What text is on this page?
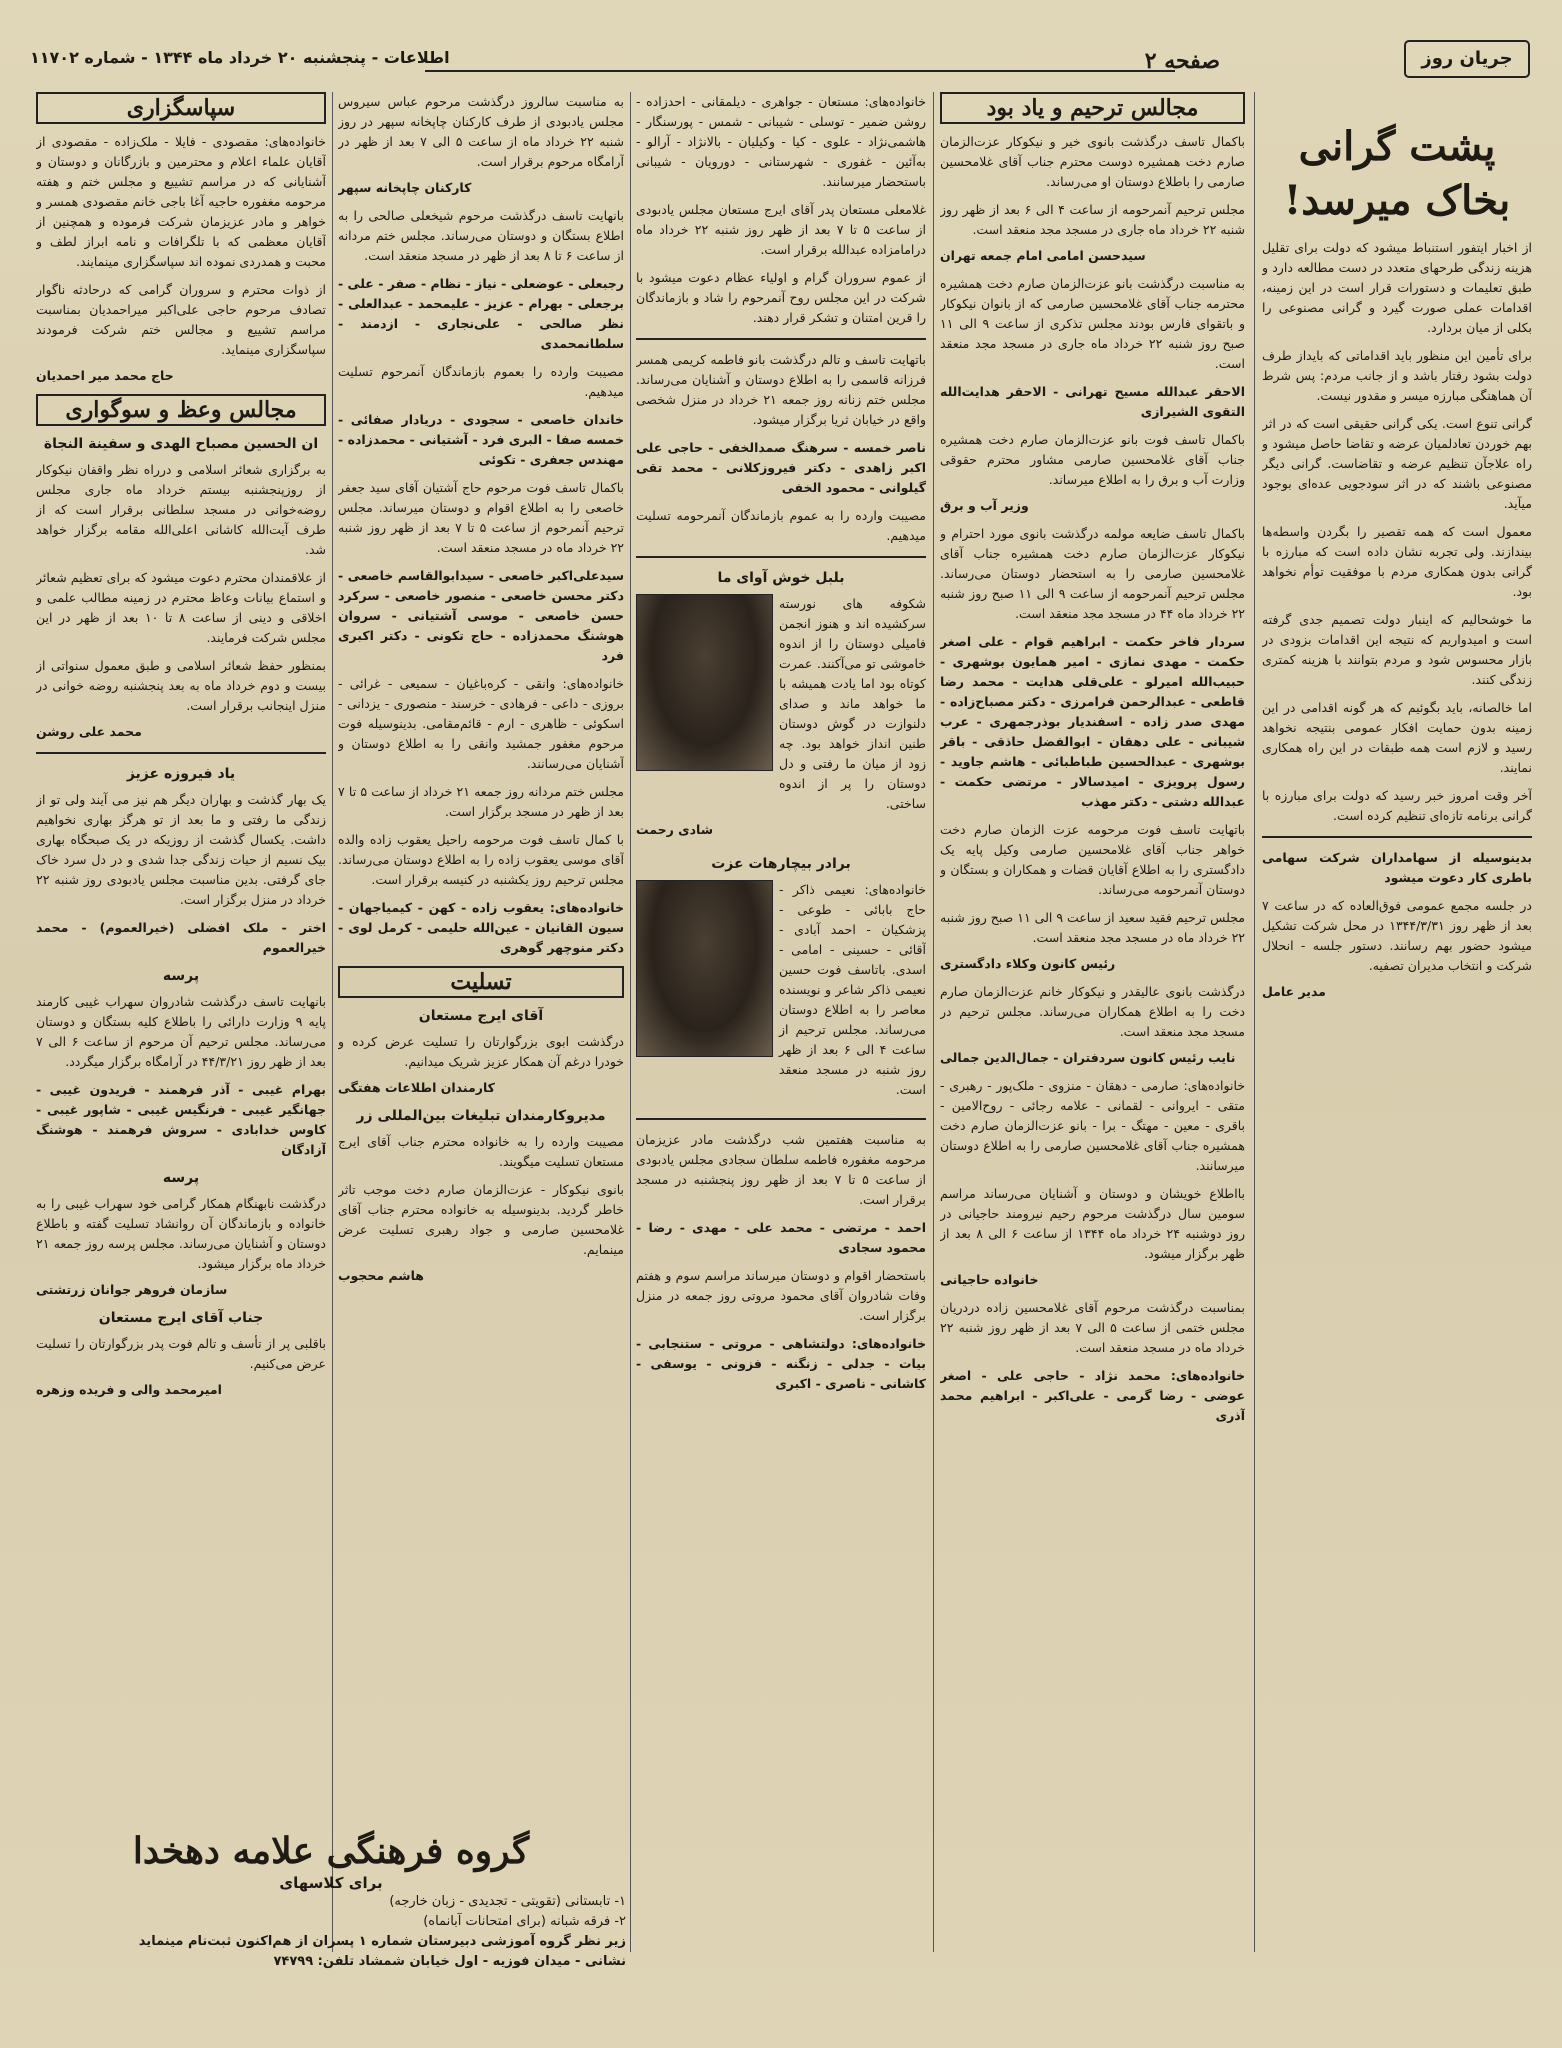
جریان روز
صفحه ۲
اطلاعات - پنجشنبه ۲۰ خرداد ماه ۱۳۴۴ - شماره ۱۱۷۰۲
پشت گرانی بخاک میرسد!

از اخبار ایتفور استنباط میشود که دولت برای تقلیل هزینه زندگی طرحهای متعدد در دست مطالعه دارد و طبق تعلیمات و دستورات قرار است در این زمینه، اقدامات عملی صورت گیرد و گرانی مصنوعی را بکلی از میان بردارد.

برای تأمین این منظور باید اقداماتی که بایداز طرف دولت بشود رفتار باشد و از جانب مردم: پس شرط آن هماهنگی مبارزه میسر و مقدور نیست.

گرانی تنوع است. یکی گرانی حقیقی است که در اثر بهم خوردن تعادلمیان عرضه و تقاضا حاصل میشود و راه علاجآن تنظیم عرضه و تقاضاست. گرانی دیگر مصنوعی باشند که در اثر سودجویی عده‌ای بوجود میآید.

معمول است که همه تقصیر را بگردن واسطه‌ها بیندازند. ولی تجربه نشان داده است که مبارزه با گرانی بدون همکاری مردم با موفقیت توأم نخواهد بود.

ما خوشحالیم که اینبار دولت تصمیم جدی گرفته است و امیدواریم که نتیجه این اقدامات بزودی در بازار محسوس شود و مردم بتوانند با هزینه کمتری زندگی کنند.

اما خالصانه، باید بگوئیم که هر گونه اقدامی در این زمینه بدون حمایت افکار عمومی بنتیجه نخواهد رسید و لازم است همه طبقات در این راه همکاری نمایند.

آخر وقت امروز خبر رسید که دولت برای مبارزه با گرانی برنامه تازه‌ای تنظیم کرده است.

بدینوسیله از سهامداران شرکت سهامی باطری کار دعوت میشود

در جلسه مجمع عمومی فوق‌العاده که در ساعت ۷ بعد از ظهر روز ۱۳۴۴/۳/۳۱ در محل شرکت تشکیل میشود حضور بهم رسانند. دستور جلسه - انحلال شرکت و انتخاب مدیران تصفیه.

مدیر عامل

مجالس ترحیم و یاد بود

باکمال تاسف درگذشت بانوی خیر و نیکوکار عزت‌الزمان صارم دخت همشیره دوست محترم جناب آقای غلامحسین صارمی را باطلاع دوستان او می‌رساند.

مجلس ترحیم آنمرحومه از ساعت ۴ الی ۶ بعد از ظهر روز شنبه ۲۲ خرداد ماه جاری در مسجد مجد منعقد است.

سیدحسن امامی امام جمعه تهران

به مناسبت درگذشت بانو عزت‌الزمان صارم دخت همشیره محترمه جناب آقای غلامحسین صارمی که از بانوان نیکوکار و باتقوای فارس بودند مجلس تذکری از ساعت ۹ الی ۱۱ صبح روز شنبه ۲۲ خرداد ماه جاری در مسجد مجد منعقد است.

الاحقر عبدالله مسیح تهرانی - الاحقر هدایت‌الله التقوی الشیرازی

باکمال تاسف فوت بانو عزت‌الزمان صارم دخت همشیره جناب آقای غلامحسین صارمی مشاور محترم حقوقی وزارت آب و برق را به اطلاع میرساند.

وزیر آب و برق

باکمال تاسف ضایعه مولمه درگذشت بانوی مورد احترام و نیکوکار عزت‌الزمان صارم دخت همشیره جناب آقای غلامحسین صارمی را به استحضار دوستان می‌رساند. مجلس ترحیم آنمرحومه از ساعت ۹ الی ۱۱ صبح روز شنبه ۲۲ خرداد ماه ۴۴ در مسجد مجد منعقد است.

سردار فاخر حکمت - ابراهیم قوام - علی اصغر حکمت - مهدی نمازی - امیر همایون بوشهری - حبیب‌الله امیرلو - علی‌قلی هدایت - محمد رضا قاطعی - عبدالرحمن فرامرزی - دکتر مصباح‌زاده - مهدی صدر زاده - اسفندیار بوذرجمهری - عرب شیبانی - علی دهقان - ابوالفضل حاذقی - باقر بوشهری - عبدالحسین طباطبائی - هاشم جاوید - رسول پرویزی - امیدسالار - مرتضی حکمت - عبدالله دشتی - دکتر مهذب

باتهایت تاسف فوت مرحومه عزت الزمان صارم دخت خواهر جناب آقای غلامحسین صارمی وکیل پایه یک دادگستری را به اطلاع آقایان قضات و همکاران و بستگان و دوستان آنمرحومه می‌رساند.

مجلس ترحیم فقید سعید از ساعت ۹ الی ۱۱ صبح روز شنبه ۲۲ خرداد ماه در مسجد مجد منعقد است.

رئیس کانون وکلاء دادگستری

درگذشت بانوی عالیقدر و نیکوکار خانم عزت‌الزمان صارم دخت را به اطلاع همکاران می‌رساند. مجلس ترحیم در مسجد مجد منعقد است.

نایب رئیس کانون سردفتران - جمال‌الدین جمالی

خانواده‌های: صارمی - دهقان - منزوی - ملک‌پور - رهبری - متقی - ایروانی - لقمانی - علامه رجائی - روح‌الامین - باقری - معین - مهتگ - برا - بانو عزت‌الزمان صارم دخت همشیره جناب آقای غلامحسین صارمی را به اطلاع دوستان میرسانند.

بااطلاع خویشان و دوستان و آشنایان می‌رساند مراسم سومین سال درگذشت مرحوم رحیم نیرومند حاجیانی در روز دوشنبه ۲۴ خرداد ماه ۱۳۴۴ از ساعت ۶ الی ۸ بعد از ظهر برگزار میشود.

خانواده حاجیانی

بمناسبت درگذشت مرحوم آقای غلامحسین زاده دردریان مجلس ختمی از ساعت ۵ الی ۷ بعد از ظهر روز شنبه ۲۲ خرداد ماه در مسجد منعقد است.

خانواده‌های: محمد نژاد - حاجی علی - اصغر عوضی - رضا گرمی - علی‌اکبر - ابراهیم محمد آذری

خانواده‌های: مستعان - جواهری - دیلمقانی - احدزاده - روشن ضمیر - توسلی - شیبانی - شمس - پورسنگار - هاشمی‌نژاد - علوی - کیا - وکیلیان - بالانژاد - آرالو - به‌آئین - غفوری - شهرستانی - دورویان - شیبانی باستحضار میرسانند.

غلامعلی مستعان پدر آقای ایرج مستعان مجلس یادبودی از ساعت ۵ تا ۷ بعد از ظهر روز شنبه ۲۲ خرداد ماه درامامزاده عبدالله برقرار است.

از عموم سروران گرام و اولیاء عظام دعوت میشود با شرکت در این مجلس روح آنمرحوم را شاد و بازماندگان را قرین امتنان و تشکر قرار دهند.

باتهایت تاسف و تالم درگذشت بانو فاطمه کریمی همسر فرزانه قاسمی را به اطلاع دوستان و آشنایان می‌رساند. مجلس ختم زنانه روز جمعه ۲۱ خرداد در منزل شخصی واقع در خیابان ثریا برگزار میشود.

ناصر خمسه - سرهنگ صمدالخفی - حاجی علی اکبر زاهدی - دکتر فیروزکلانی - محمد تقی گیلوانی - محمود الخفی

مصیبت وارده را به عموم بازماندگان آنمرحومه تسلیت میدهیم.

بلبل خوش آوای ما

شکوفه های نورسته سرکشیده اند و هنوز انجمن فامیلی دوستان را از اندوه خاموشی تو می‌آکنند. عمرت کوتاه بود اما یادت همیشه با ما خواهد ماند و صدای دلنوازت در گوش دوستان طنین انداز خواهد بود. چه زود از میان ما رفتی و دل دوستان را پر از اندوه ساختی.

شادی رحمت

برادر بیچارهات عزت

خانواده‌های: نعیمی ذاکر - حاج بابائی - طوعی - پزشکیان - احمد آبادی - آقائی - حسینی - امامی - اسدی. باتاسف فوت حسین نعیمی ذاکر شاعر و نویسنده معاصر را به اطلاع دوستان می‌رساند. مجلس ترحیم از ساعت ۴ الی ۶ بعد از ظهر روز شنبه در مسجد منعقد است.

به مناسبت هفتمین شب درگذشت مادر عزیزمان مرحومه مغفوره فاطمه سلطان سجادی مجلس یادبودی از ساعت ۵ تا ۷ بعد از ظهر روز پنجشنبه در مسجد برقرار است.

احمد - مرتضی - محمد علی - مهدی - رضا - محمود سجادی

باستحضار اقوام و دوستان میرساند مراسم سوم و هفتم وفات شادروان آقای محمود مروتی روز جمعه در منزل برگزار است.

خانواده‌های: دولتشاهی - مروتی - ستنجابی - بیات - جدلی - زنگنه - فزونی - یوسفی - کاشانی - ناصری - اکبری

به مناسبت سالروز درگذشت مرحوم عباس سیروس مجلس یادبودی از طرف کارکنان چاپخانه سپهر در روز شنبه ۲۲ خرداد ماه از ساعت ۵ الی ۷ بعد از ظهر در آرامگاه مرحوم برقرار است.

کارکنان چاپخانه سپهر

بانهایت تاسف درگذشت مرحوم شیخعلی صالحی را به اطلاع بستگان و دوستان می‌رساند. مجلس ختم مردانه از ساعت ۶ تا ۸ بعد از ظهر در مسجد منعقد است.

رجبعلی - عوضعلی - نیاز - نظام - صفر - علی - برجعلی - بهرام - عزیز - علیمحمد - عبدالعلی - نظر صالحی - علی‌نجاری - ازدمند - سلطانمحمدی

مصیبت وارده را بعموم بازماندگان آنمرحوم تسلیت میدهیم.

خاندان خاصعی - سجودی - دریادار صفائی - خمسه صفا - البری فرد - آشتیانی - محمدزاده - مهندس جعفری - تکوئی

باکمال تاسف فوت مرحوم حاج آشتیان آقای سید جعفر خاصعی را به اطلاع اقوام و دوستان میرساند. مجلس ترحیم آنمرحوم از ساعت ۵ تا ۷ بعد از ظهر روز شنبه ۲۲ خرداد ماه در مسجد منعقد است.

سیدعلی‌اکبر خاصعی - سیدابوالقاسم خاصعی - دکتر محسن خاصعی - منصور خاصعی - سرکرد حسن خاصعی - موسی آشتیانی - سروان هوشنگ محمدزاده - حاج تکونی - دکتر اکبری فرد

خانواده‌های: وانقی - کره‌باغیان - سمیعی - غرائی - بروزی - داعی - فرهادی - خرسند - منصوری - یزدانی - اسکوئی - ظاهری - ارم - قائم‌مقامی. بدینوسیله فوت مرحوم مغفور جمشید وانقی را به اطلاع دوستان و آشنایان می‌رسانند.

مجلس ختم مردانه روز جمعه ۲۱ خرداد از ساعت ۵ تا ۷ بعد از ظهر در مسجد برگزار است.

با کمال تاسف فوت مرحومه راحیل یعقوب زاده والده آقای موسی یعقوب زاده را به اطلاع دوستان می‌رساند. مجلس ترحیم روز یکشنبه در کنیسه برقرار است.

خانواده‌های: یعقوب زاده - کهن - کیمیاجهان - سیون القانیان - عین‌الله حلیمی - کرمل لوی - دکتر منوچهر گوهری

تسلیت
آقای ایرج مستعان

درگذشت ابوی بزرگوارتان را تسلیت عرض کرده و خودرا درغم آن همکار عزیز شریک میدانیم.

کارمندان اطلاعات هفتگی

مدیروکارمندان تبلیغات بین‌المللی زر

مصیبت وارده را به خانواده محترم جناب آقای ایرج مستعان تسلیت میگویند.

بانوی نیکوکار - عزت‌الزمان صارم دخت موجب تاثر خاطر گردید. بدینوسیله به خانواده محترم جناب آقای غلامحسین صارمی و جواد رهبری تسلیت عرض مینمایم.

هاشم محجوب

سپاسگزاری

خانواده‌های: مقصودی - فایلا - ملک‌زاده - مقصودی از آقایان علماء اعلام و محترمین و بازرگانان و دوستان و آشنایانی که در مراسم تشییع و مجلس ختم و هفته مرحومه مغفوره حاجیه آغا باجی خانم مقصودی همسر و خواهر و مادر عزیزمان شرکت فرموده و همچنین از آقایان معظمی که با تلگرافات و نامه ابراز لطف و محبت و همدردی نموده اند سپاسگزاری مینمایند.

از ذوات محترم و سروران گرامی که درحادثه ناگوار تصادف مرحوم حاجی علی‌اکبر میراحمدیان بمناسبت مراسم تشییع و مجالس ختم شرکت فرمودند سپاسگزاری مینماید.

حاج محمد میر احمدیان

مجالس وعظ و سوگواری

ان الحسین مصباح الهدی و سفینة النجاة

به برگزاری شعائر اسلامی و درراه نظر واقفان نیکوکار از روزپنجشنبه بیستم خرداد ماه جاری مجلس روضه‌خوانی در مسجد سلطانی برقرار است که از طرف آیت‌الله کاشانی اعلی‌الله مقامه برگزار خواهد شد.

از علاقمندان محترم دعوت میشود که برای تعظیم شعائر و استماع بیانات وعاظ محترم در زمینه مطالب علمی و اخلاقی و دینی از ساعت ۸ تا ۱۰ بعد از ظهر در این مجلس شرکت فرمایند.

بمنظور حفظ شعائر اسلامی و طبق معمول سنواتی از بیست و دوم خرداد ماه به بعد پنجشنبه روضه خوانی در منزل اینجانب برقرار است.

محمد علی روشن

یاد فیروزه عزیز

یک بهار گذشت و بهاران دیگر هم نیز می آیند ولی تو از زندگی ما رفتی و ما بعد از تو هرگز بهاری نخواهیم داشت. یکسال گذشت از روزیکه در یک صبحگاه بهاری بیک نسیم از حیات زندگی جدا شدی و در دل سرد خاک جای گرفتی. بدین مناسبت مجلس یادبودی روز شنبه ۲۲ خرداد در منزل برگزار است.

اختر - ملک افضلی (خیرالعموم) - محمد خیرالعموم

پرسه

بانهایت تاسف درگذشت شادروان سهراب غیبی کارمند پایه ۹ وزارت دارائی را باطلاع کلیه بستگان و دوستان می‌رساند. مجلس ترحیم آن مرحوم از ساعت ۶ الی ۷ بعد از ظهر روز ۴۴/۳/۲۱ در آرامگاه برگزار میگردد.

بهرام غیبی - آذر فرهمند - فریدون غیبی - جهانگیر غیبی - فرنگیس غیبی - شاپور غیبی - کاوس خدابادی - سروش فرهمند - هوشنگ آزادگان

پرسه

درگذشت نابهنگام همکار گرامی خود سهراب غیبی را به خانواده و بازماندگان آن روانشاد تسلیت گفته و باطلاع دوستان و آشنایان می‌رساند. مجلس پرسه روز جمعه ۲۱ خرداد ماه برگزار میشود.

سازمان فروهر جوانان زرتشتی

جناب آقای ایرج مستعان

باقلبی پر از تأسف و تالم فوت پدر بزرگوارتان را تسلیت عرض می‌کنیم.

امیرمحمد والی و فریده وزهره

گروه فرهنگی علامه دهخدا
برای کلاسهای
۱- تابستانی (تقویتی - تجدیدی - زبان خارجه)
۲- فرقه شبانه (برای امتحانات آبانماه)
زیر نظر گروه آموزشی دبیرستان شماره ۱ پسران از هم‌اکنون ثبت‌نام مینماید
نشانی - میدان فوزیه - اول خیابان شمشاد تلفن: ۷۴۷۹۹
